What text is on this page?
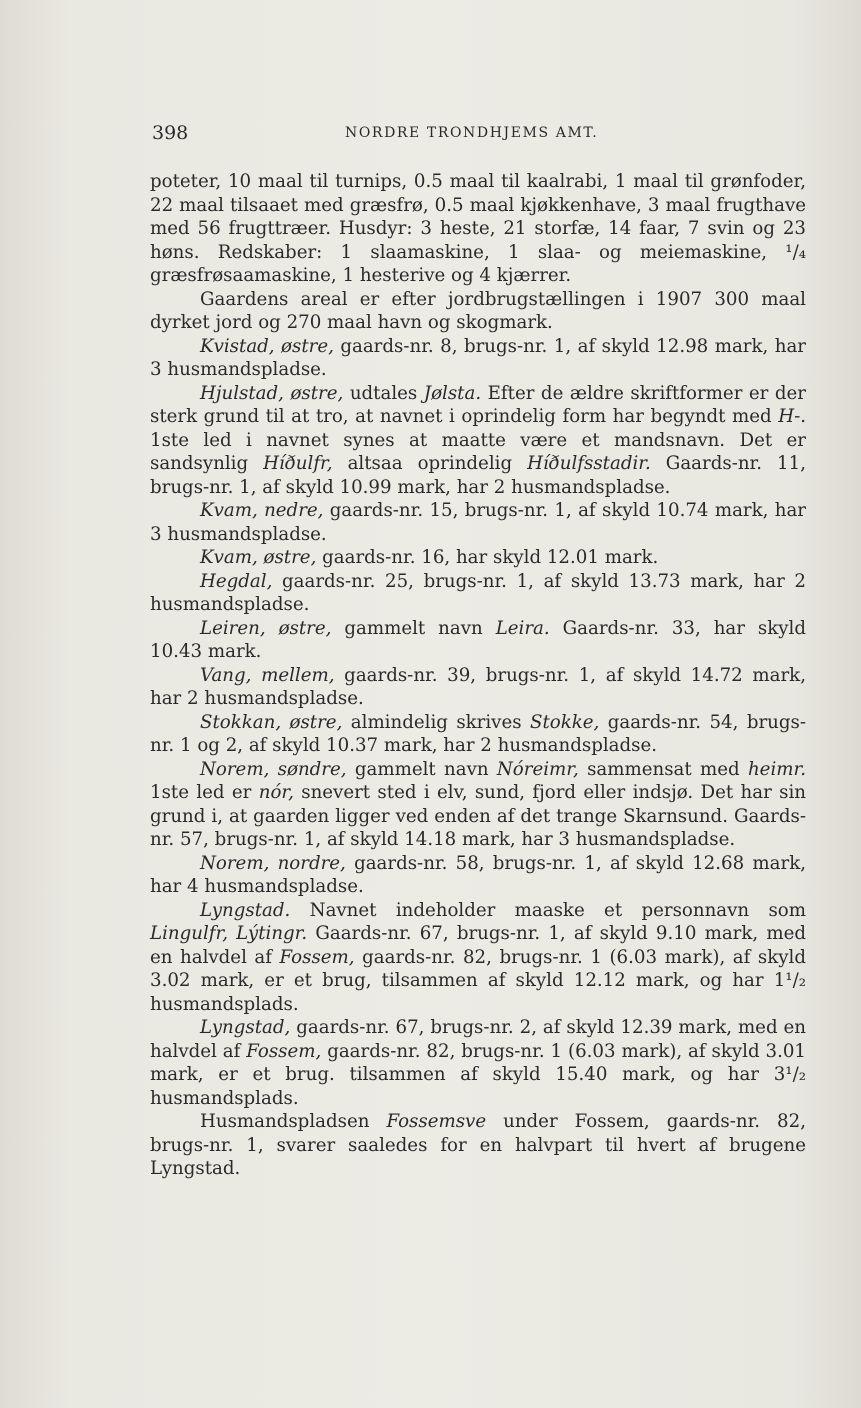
398	NORDRE TRONDHJEMS AMT.

poteter, 10 maal til turnips, 0.5 maal til kaalrabi, 1 maal til grønfoder, 22 maal tilsaaet med græsfrø, 0.5 maal kjøkkenhave, 3 maal frugthave med 56 frugttræer. Husdyr: 3 heste, 21 storfæ, 14 faar, 7 svin og 23 høns. Redskaber: 1 slaamaskine, 1 slaa- og meiemaskine, ¹/₄ græsfrøsaamaskine, 1 hesterive og 4 kjærrer.

Gaardens areal er efter jordbrugstællingen i 1907 300 maal dyrket jord og 270 maal havn og skogmark.

Kvistad, østre, gaards-nr. 8, brugs-nr. 1, af skyld 12.98 mark, har 3 husmandspladse.

Hjulstad, østre, udtales Jølsta. Efter de ældre skriftformer er der sterk grund til at tro, at navnet i oprindelig form har begyndt med H-. 1ste led i navnet synes at maatte være et mandsnavn. Det er sandsynlig Híðulfr, altsaa oprindelig Híðulfsstadir. Gaards-nr. 11, brugs-nr. 1, af skyld 10.99 mark, har 2 husmandspladse.

Kvam, nedre, gaards-nr. 15, brugs-nr. 1, af skyld 10.74 mark, har 3 husmandspladse.

Kvam, østre, gaards-nr. 16, har skyld 12.01 mark.

Hegdal, gaards-nr. 25, brugs-nr. 1, af skyld 13.73 mark, har 2 husmandspladse.

Leiren, østre, gammelt navn Leira. Gaards-nr. 33, har skyld 10.43 mark.

Vang, mellem, gaards-nr. 39, brugs-nr. 1, af skyld 14.72 mark, har 2 husmandspladse.

Stokkan, østre, almindelig skrives Stokke, gaards-nr. 54, brugs-nr. 1 og 2, af skyld 10.37 mark, har 2 husmandspladse.

Norem, søndre, gammelt navn Nóreimr, sammensat med heimr. 1ste led er nór, snevert sted i elv, sund, fjord eller indsjø. Det har sin grund i, at gaarden ligger ved enden af det trange Skarnsund. Gaards-nr. 57, brugs-nr. 1, af skyld 14.18 mark, har 3 husmandspladse.

Norem, nordre, gaards-nr. 58, brugs-nr. 1, af skyld 12.68 mark, har 4 husmandspladse.

Lyngstad. Navnet indeholder maaske et personnavn som Lingulfr, Lýtingr. Gaards-nr. 67, brugs-nr. 1, af skyld 9.10 mark, med en halvdel af Fossem, gaards-nr. 82, brugs-nr. 1 (6.03 mark), af skyld 3.02 mark, er et brug, tilsammen af skyld 12.12 mark, og har 1¹/₂ husmandsplads.

Lyngstad, gaards-nr. 67, brugs-nr. 2, af skyld 12.39 mark, med en halvdel af Fossem, gaards-nr. 82, brugs-nr. 1 (6.03 mark), af skyld 3.01 mark, er et brug. tilsammen af skyld 15.40 mark, og har 3¹/₂ husmandsplads.

Husmandspladsen Fossemsve under Fossem, gaards-nr. 82, brugs-nr. 1, svarer saaledes for en halvpart til hvert af brugene Lyngstad.
